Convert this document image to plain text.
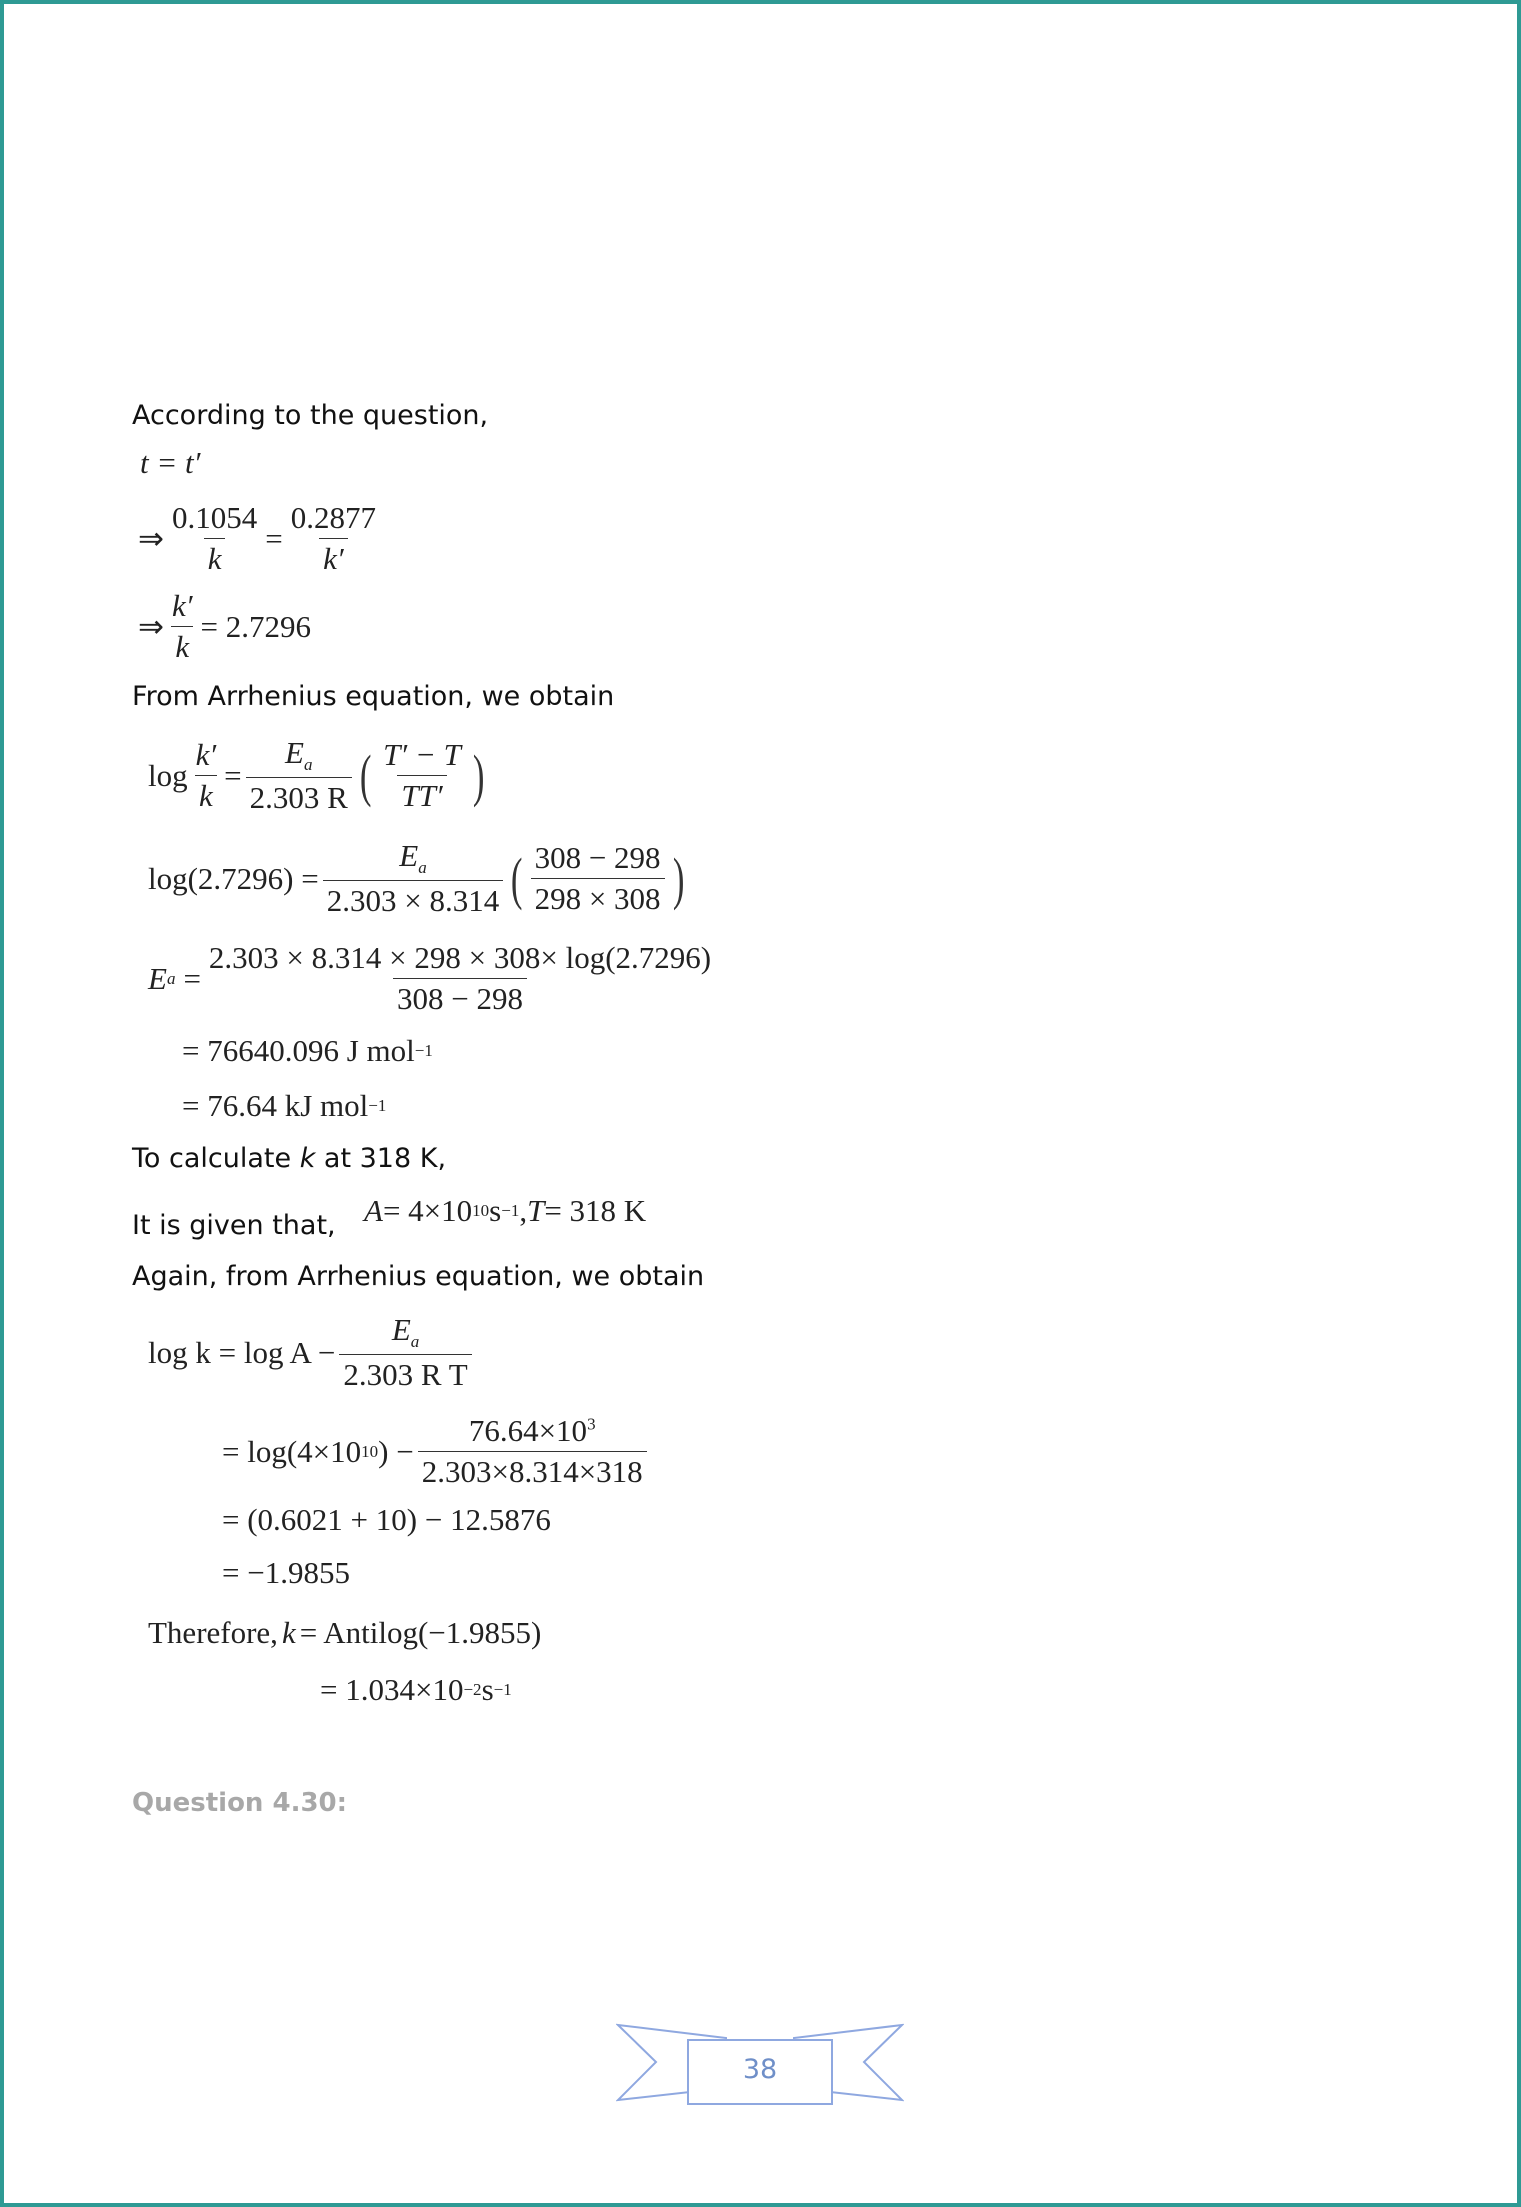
According to the question,
t = t′
⇒ $\frac{0.1054}{k} = \frac{0.2877}{k'}$
⇒ $\frac{k'}{k} = 2.7296$
From Arrhenius equation, we obtain
$\log \frac{k'}{k} = \frac{E_a}{2.303 R}$ ( $\frac{T' - T}{TT'}$ )
$\log(2.7296) = \frac{E_a}{2.303 \times 8.314}$ ( $\frac{308 - 298}{298 \times 308}$ )
E $a = \frac{2.303 \times 8.314 \times 298 \times 308\times \log(2.7296)}{308 - 298}$
= 76640.096 J mol −1
= 76.64 kJ mol −1
To calculate k at 318 K,
It is given that, A = 4×10 10 s −1 , T = 318 K
Again, from Arrhenius equation, we obtain
$\log k = \log A - \frac{E_a}{\text{2.303 R T}}$
= log(4×10 10 ) − $\frac{76.64\times 10^3}{2.303\times 8.314\times 318}$
= (0.6021 + 10) − 12.5876
= −1.9855
Therefore, k = Antilog(−1.9855)
= 1.034×10 −2 s −1
Question 4.30:
38
